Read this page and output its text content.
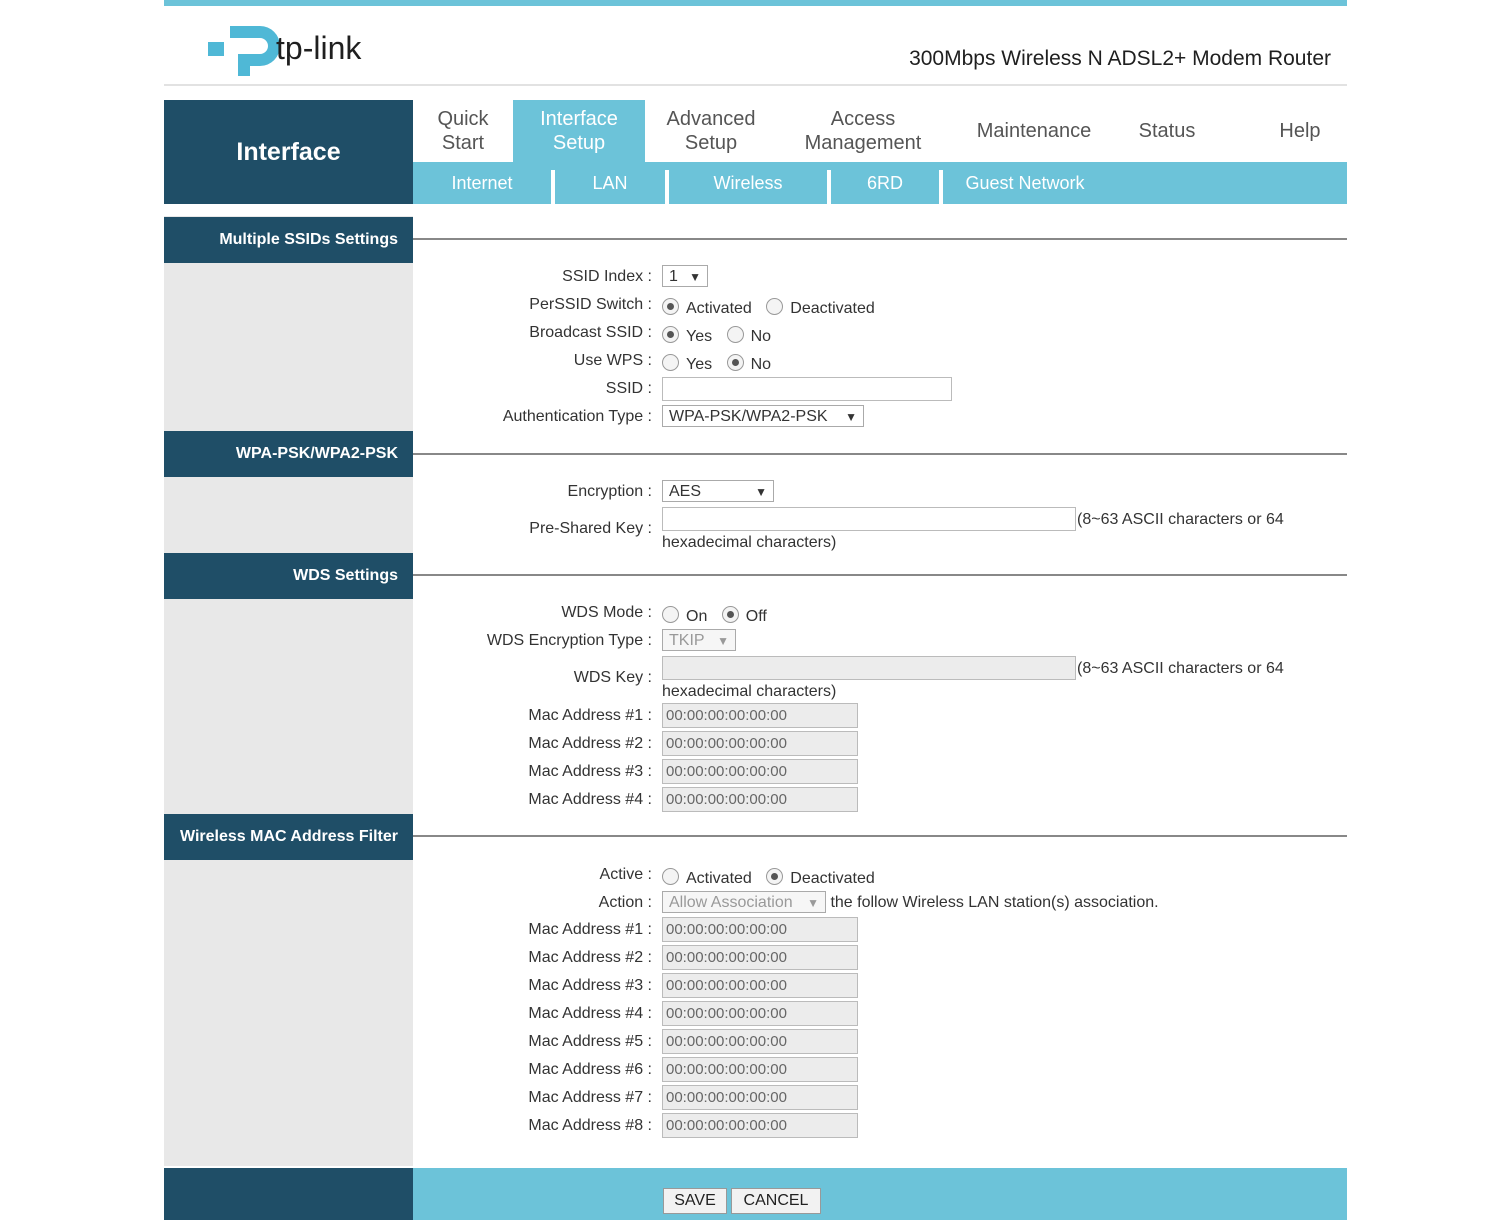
tp-link	300Mbps Wireless N ADSL2+ Modem Router
Interface
Quick
Start
Interface
Setup
Advanced
Setup
Access
Management
Maintenance Status	Help
Internet	LAN	Wireless	6RD	Guest Network
Multiple SSIDs Settings
SSID Index :	1 ▼
PerSSID Switch :	Activated Deactivated
Broadcast SSID :	Yes No
Use WPS :	Yes No
SSID :
Authentication Type :	WPA-PSK/WPA2-PSK ▼
WPA-PSK/WPA2-PSK
Encryption :	AES	▼
Pre-Shared Key :
(8~63 ASCII characters or 64
hexadecimal characters)
WDS Settings
WDS Mode :	On Off
WDS Encryption Type :	TKIP ▼
WDS Key :
(8~63 ASCII characters or 64
hexadecimal characters)
Mac Address #1 : 00:00:00:00:00:00
Mac Address #2 : 00:00:00:00:00:00
Mac Address #3 : 00:00:00:00:00:00
Mac Address #4 : 00:00:00:00:00:00
Wireless MAC Address Filter
Active :	Activated Deactivated
Action :	Allow Association ▼ the follow Wireless LAN station(s) association.
Mac Address #1 : 00:00:00:00:00:00
Mac Address #2 : 00:00:00:00:00:00
Mac Address #3 : 00:00:00:00:00:00
Mac Address #4 : 00:00:00:00:00:00
Mac Address #5 : 00:00:00:00:00:00
Mac Address #6 : 00:00:00:00:00:00
Mac Address #7 : 00:00:00:00:00:00
Mac Address #8 : 00:00:00:00:00:00
SAVE	CANCEL
